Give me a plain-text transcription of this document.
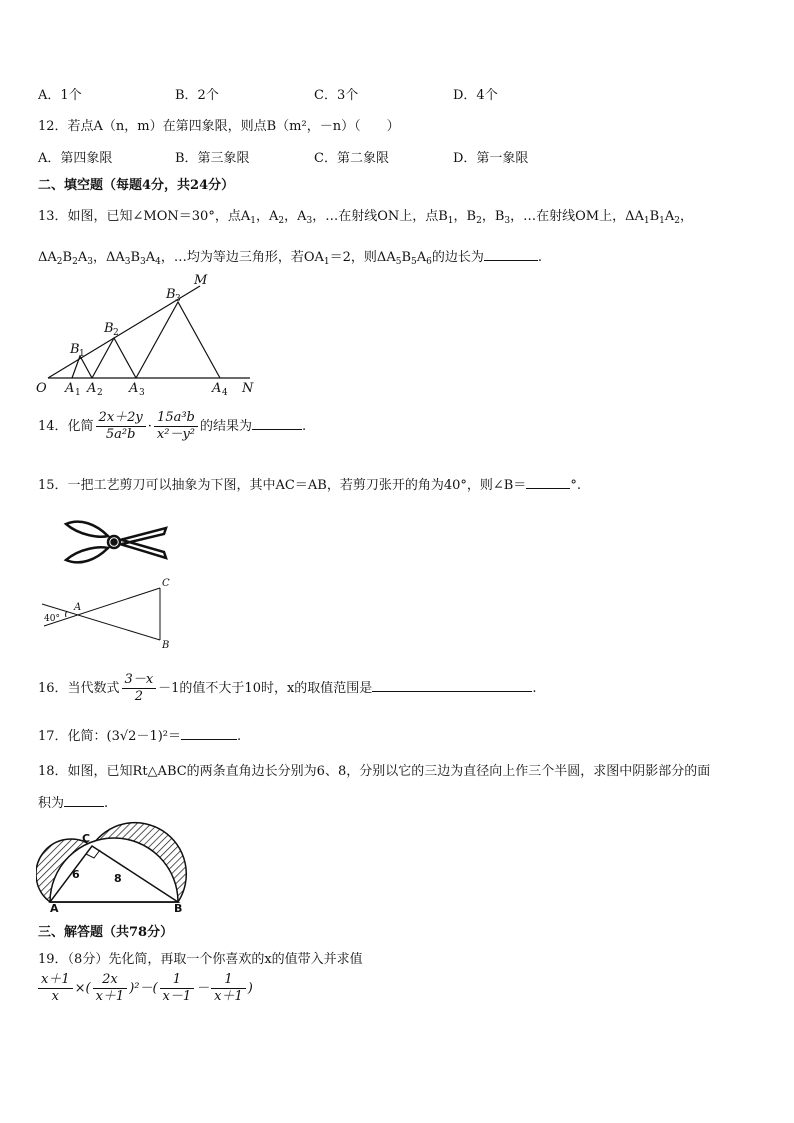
A．1个	B．2个	C．3个	D．4个
12．若点A（n，m）在第四象限，则点B（m²，－n）（　　）
A．第四象限	B．第三象限	C．第二象限	D．第一象限
二、填空题（每题4分，共24分）
13．如图，已知∠MON＝30°，点$A_1$，$A_2$，$A_3$，…在射线ON上，点$B_1$，$B_2$，$B_3$，…在射线OM上，$\Delta A_1B_1A_2$，
$\Delta A_2B_2A_3$，$\Delta A_3B_3A_4$，…均为等边三角形，若$OA_1=2$，则$\Delta A_5B_5A_6$的边长为	.
O A 1 A 2 A 3	A 4 N
M
B 1
B 2
B 3
14．化简 $\frac{2x+2y}{\text{5a²b}} \cdot \frac{\text{15a³b}}{\text{x²－y²}}$ 的结果为	.
15．一把工艺剪刀可以抽象为下图，其中AC＝AB，若剪刀张开的角为40°，则∠B＝	°.
C
B
A
40°
16．当代数式 $\frac{3-x}{2} -1$的值不大于10时，x的取值范围是	.
17．化简：(3√2－1)²＝	.
18．如图，已知Rt△ABC的两条直角边长分别为6、8，分别以它的三边为直径向上作三个半圆，求图中阴影部分的面
积为	.
C
A	B
6	8
三、解答题（共78分）
19．（8分）先化简，再取一个你喜欢的x的值带入并求值
$\frac{x+1}{x}$ ×( $\frac{2x}{x+1} )^2-( \frac{1}{x-1} - \frac{1}{x+1}$ )
